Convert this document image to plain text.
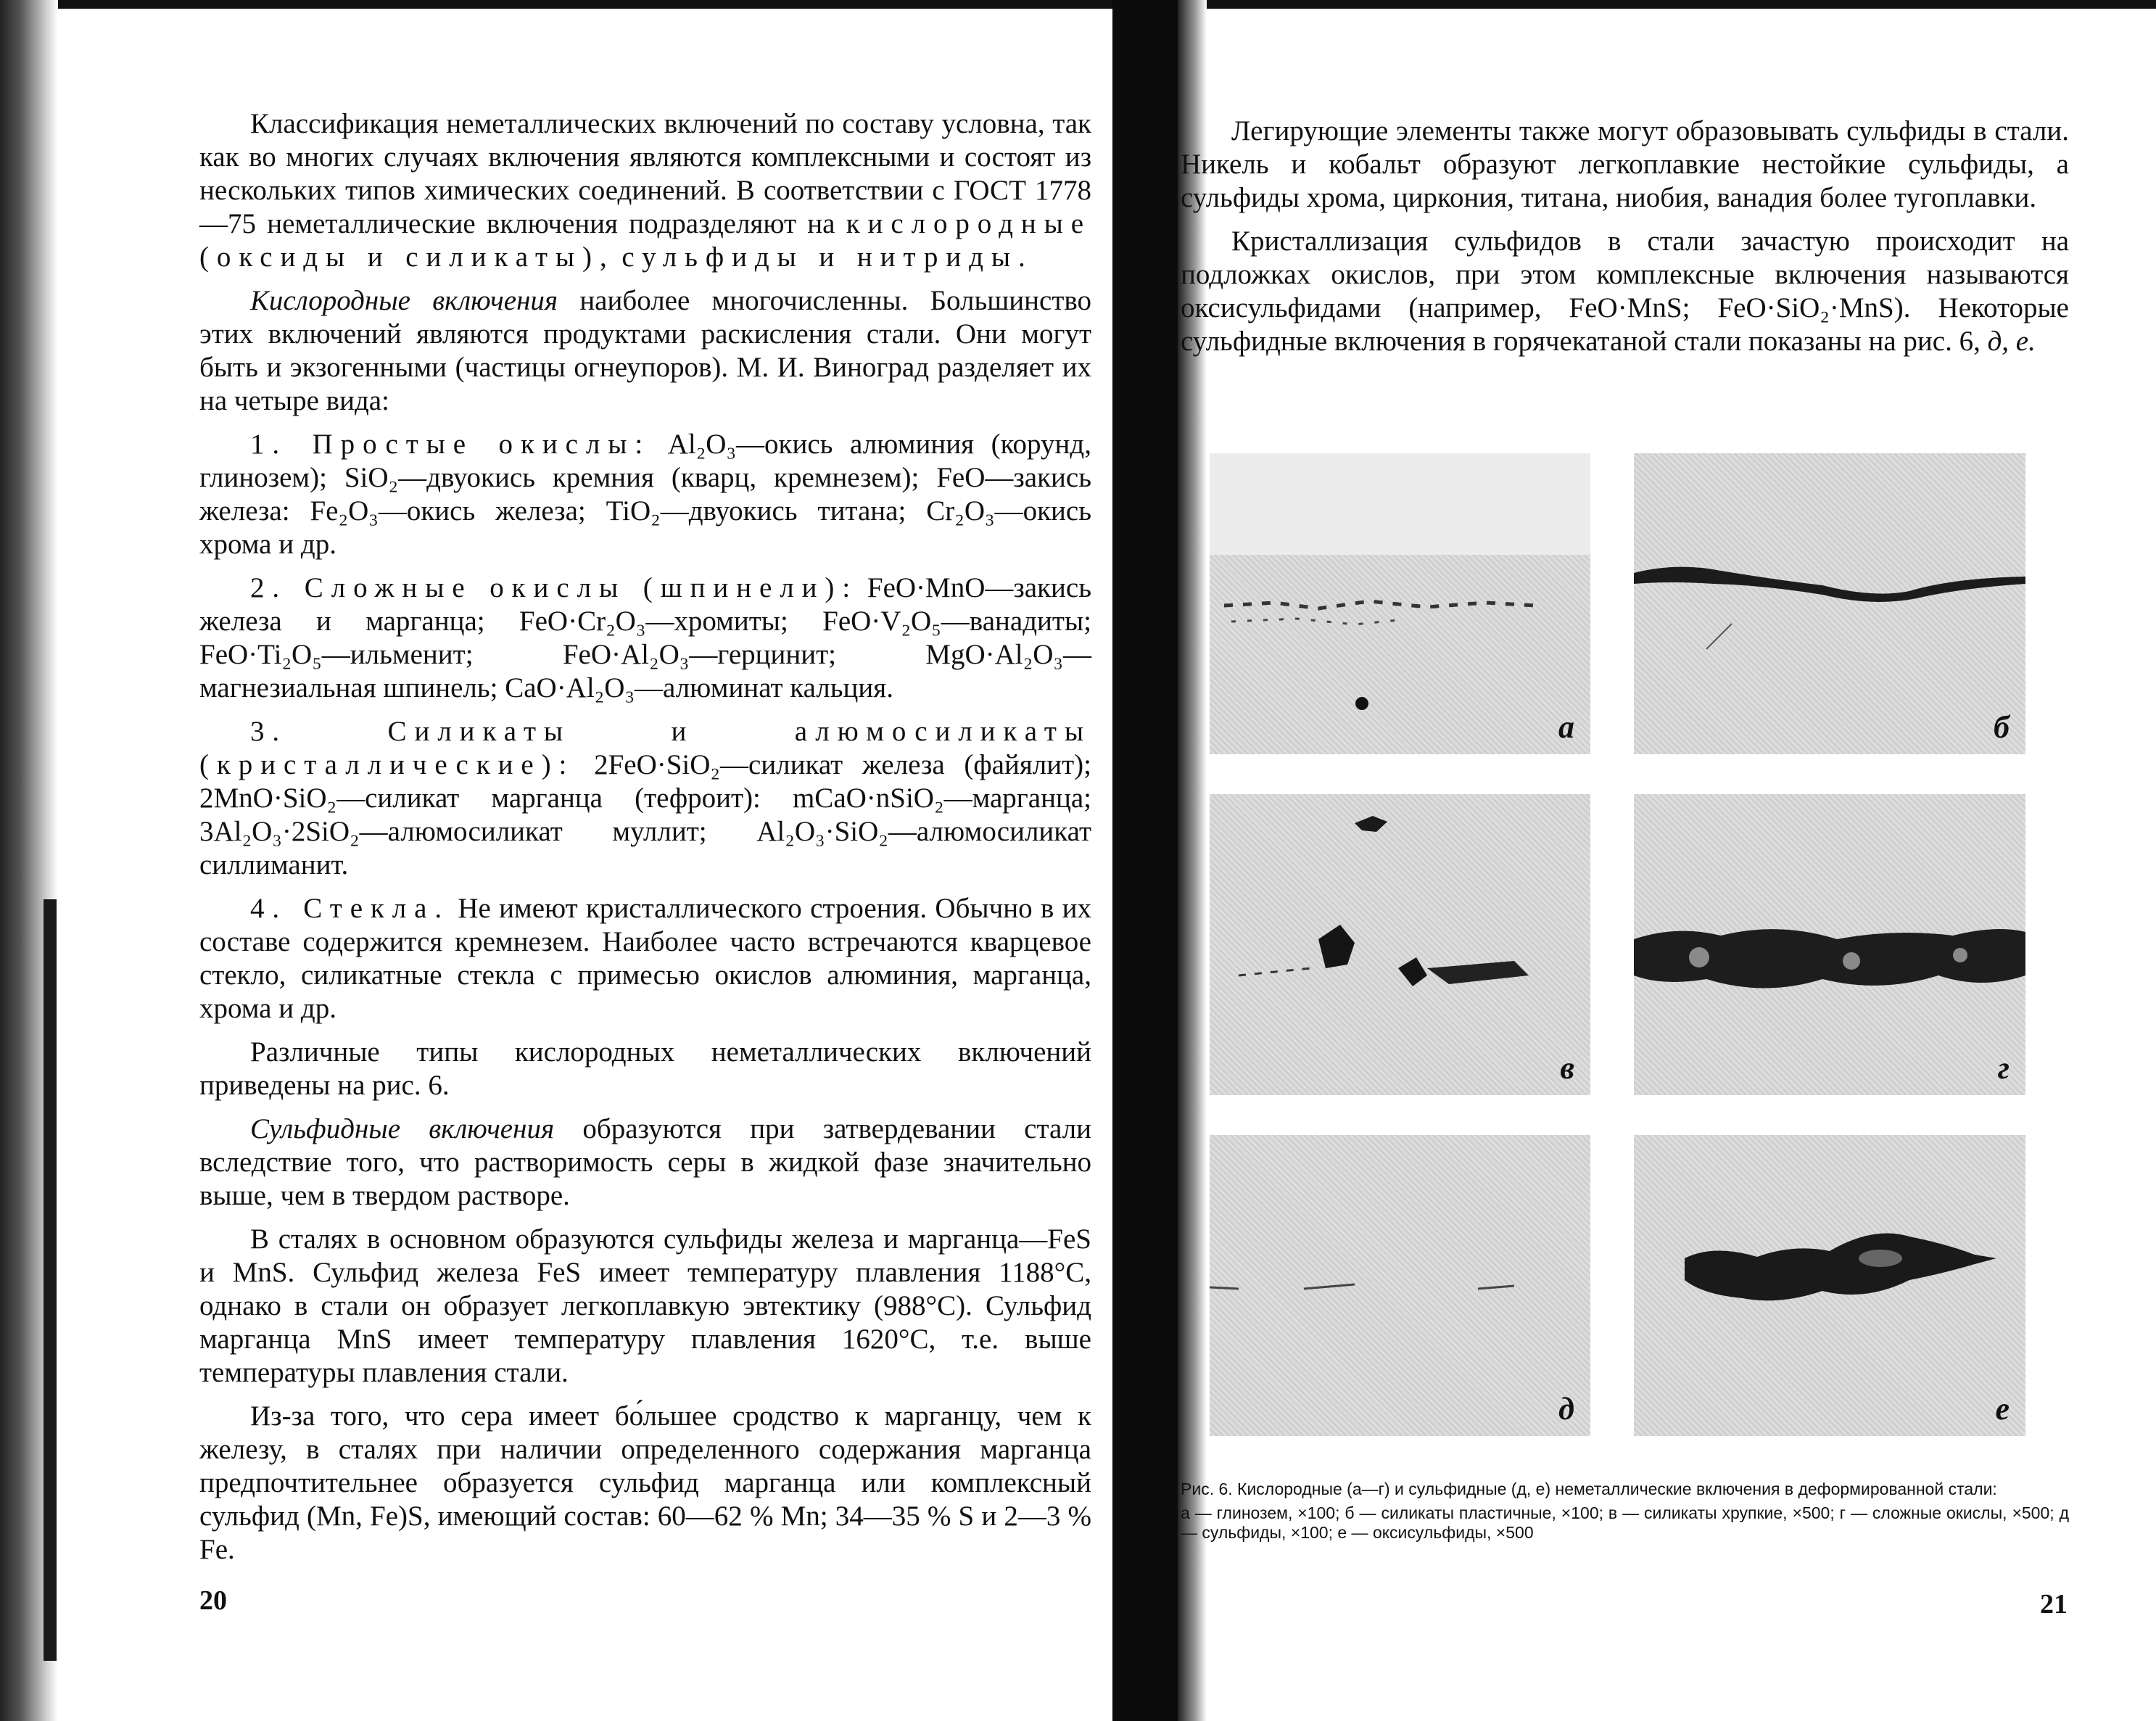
Классификация неметаллических включений по составу условна, так как во многих случаях включения являются комплексными и состоят из нескольких типов химических соединений. В соответствии с ГОСТ 1778—75 неметаллические включения подразделяют на кислородные (оксиды и силикаты), сульфиды и нитриды.

Кислородные включения наиболее многочисленны. Большинство этих включений являются продуктами раскисления стали. Они могут быть и экзогенными (частицы огнеупоров). М. И. Виноград разделяет их на четыре вида:

1. Простые окислы: Al₂O₃—окись алюминия (корунд, глинозем); SiO₂—двуокись кремния (кварц, кремнезем); FeO—закись железа: Fe₂O₃—окись железа; TiO₂—двуокись титана; Cr₂O₃—окись хрома и др.

2. Сложные окислы (шпинели): FeO·MnO—закись железа и марганца; FeO·Cr₂O₃—хромиты; FeO·V₂O₅—ванадиты; FeO·Ti₂O₅—ильменит; FeO·Al₂O₃—герцинит; MgO·Al₂O₃—магнезиальная шпинель; CaO·Al₂O₃—алюминат кальция.

3. Силикаты и алюмосиликаты (кристаллические): 2FeO·SiO₂—силикат железа (файялит); 2MnO·SiO₂—силикат марганца (тефроит): mCaO·nSiO₂—марганца; 3Al₂O₃·2SiO₂—алюмосиликат муллит; Al₂O₃·SiO₂—алюмосиликат силлиманит.

4. Стекла. Не имеют кристаллического строения. Обычно в их составе содержится кремнезем. Наиболее часто встречаются кварцевое стекло, силикатные стекла с примесью окислов алюминия, марганца, хрома и др.

Различные типы кислородных неметаллических включений приведены на рис. 6.

Сульфидные включения образуются при затвердевании стали вследствие того, что растворимость серы в жидкой фазе значительно выше, чем в твердом растворе.

В сталях в основном образуются сульфиды железа и марганца—FeS и MnS. Сульфид железа FeS имеет температуру плавления 1188°C, однако в стали он образует легкоплавкую эвтектику (988°C). Сульфид марганца MnS имеет температуру плавления 1620°C, т.е. выше температуры плавления стали.

Из-за того, что сера имеет бо́льшее сродство к марганцу, чем к железу, в сталях при наличии определенного содержания марганца предпочтительнее образуется сульфид марганца или комплексный сульфид (Mn, Fe)S, имеющий состав: 60—62 % Mn; 34—35 % S и 2—3 % Fe.

20

Легирующие элементы также могут образовывать сульфиды в стали. Никель и кобальт образуют легкоплавкие нестойкие сульфиды, а сульфиды хрома, циркония, титана, ниобия, ванадия более тугоплавки.

Кристаллизация сульфидов в стали зачастую происходит на подложках окислов, при этом комплексные включения называются оксисульфидами (например, FeO·MnS; FeO·SiO₂·MnS). Некоторые сульфидные включения в горячекатаной стали показаны на рис. 6, д, е.

а	б
в	г
д	е

Рис. 6. Кислородные (а—г) и сульфидные (д, е) неметаллические включения в деформированной стали:

а — глинозем, ×100; б — силикаты пластичные, ×100; в — силикаты хрупкие, ×500; г — сложные окислы, ×500; д — сульфиды, ×100; е — оксисульфиды, ×500

21
